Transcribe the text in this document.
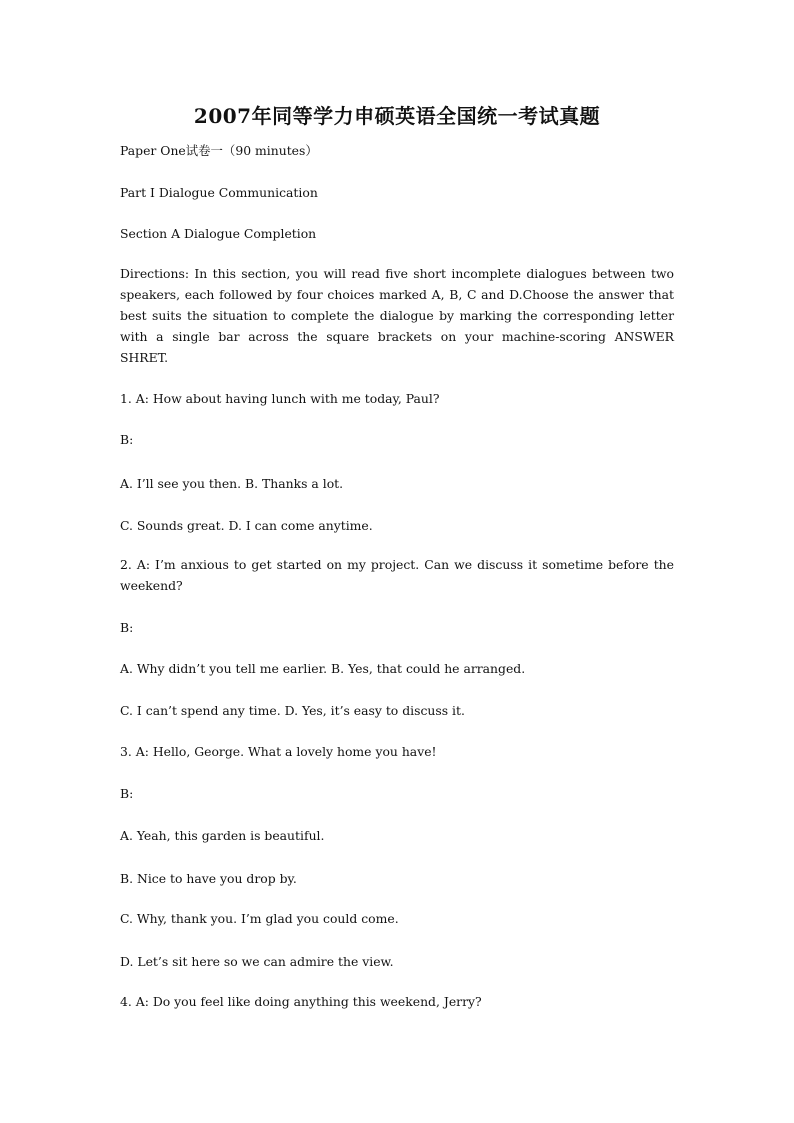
2007年同等学力申硕英语全国统一考试真题
Paper One试卷一（90 minutes）
Part Ⅰ Dialogue Communication
Section A Dialogue Completion
Directions: In this section, you will read five short incomplete dialogues between two speakers, each followed by four choices marked A, B, C and D.Choose the answer that best suits the situation to complete the dialogue by marking the corresponding letter with a single bar across the square brackets on your machine-scoring ANSWER SHRET.
1. A: How about having lunch with me today, Paul?
B:
A. I’ll see you then. B. Thanks a lot.
C. Sounds great. D. I can come anytime.
2. A: I’m anxious to get started on my project. Can we discuss it sometime before the weekend?
B:
A. Why didn’t you tell me earlier. B. Yes, that could he arranged.
C. I can’t spend any time. D. Yes, it’s easy to discuss it.
3. A: Hello, George. What a lovely home you have!
B:
A. Yeah, this garden is beautiful.
B. Nice to have you drop by.
C. Why, thank you. I’m glad you could come.
D. Let’s sit here so we can admire the view.
4. A: Do you feel like doing anything this weekend, Jerry?
